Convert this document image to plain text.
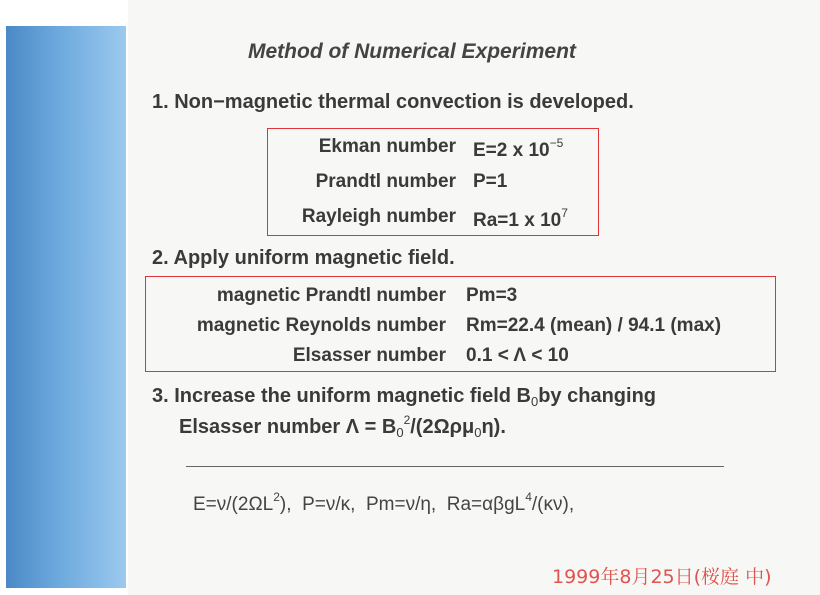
Method of Numerical Experiment
1. Non−magnetic thermal convection is developed.
Ekman number E=2 x $10^{-5}$
Prandtl number P=1
Rayleigh number Ra=1 x $10^7$
2. Apply uniform magnetic field.
magnetic Prandtl number Pm=3
magnetic Reynolds number Rm=22.4 (mean) / 94.1 (max)
Elsasser number 0.1 < Λ < 10
3. Increase the uniform magnetic field $B_0by$ changing
Elsasser number $\Lambda = B_0^2/(2\Omega\rho\mu_0\eta)$.
$E=\nu/(2\Omega L^2)$, P=ν/κ, Pm=ν/η, Ra=αβgL$^4$/(κν),
1999年8月25日(桜庭 中)
